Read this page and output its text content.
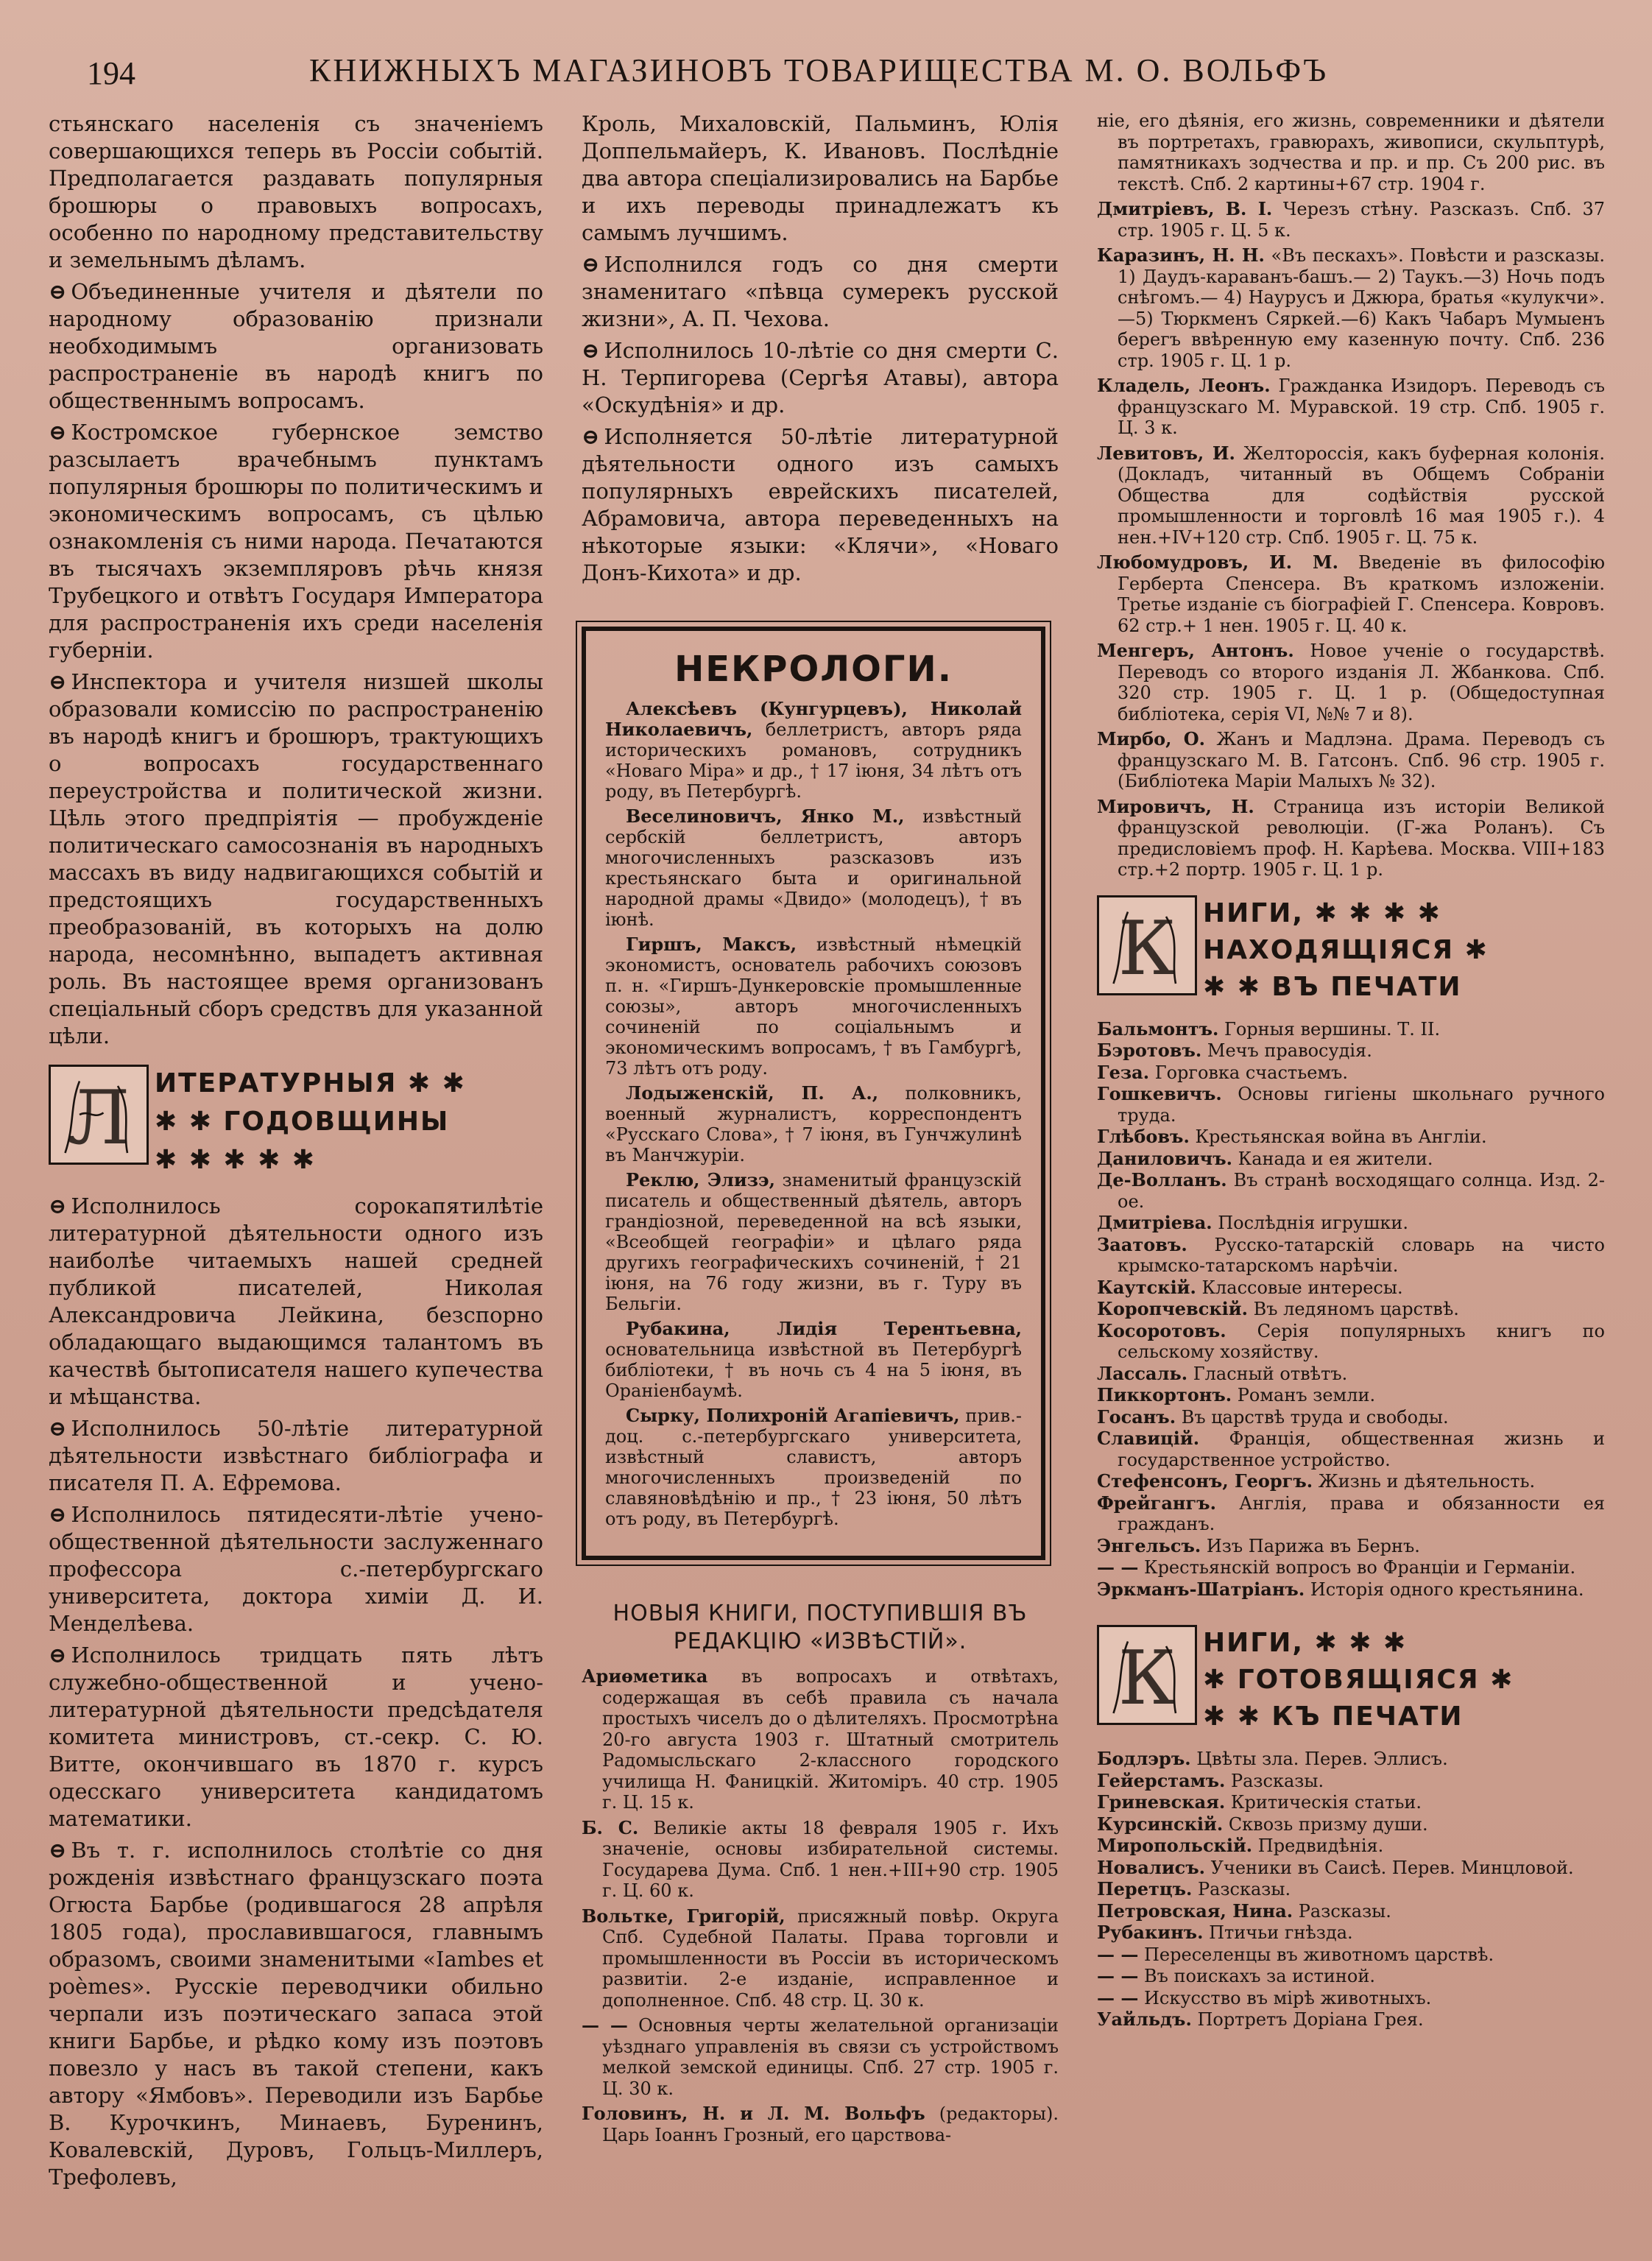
194	КНИЖНЫХЪ МАГАЗИНОВЪ ТОВАРИЩЕСТВА М. О. ВОЛЬФЪ

стьянскаго населенія съ значеніемъ совершающихся теперь въ Россіи событій. Предполагается раздавать популярныя брошюры о правовыхъ вопросахъ, особенно по народному представительству и земельнымъ дѣламъ.

⊖ Объединенные учителя и дѣятели по народному образованію признали необходимымъ организовать распространеніе въ народѣ книгъ по общественнымъ вопросамъ.

⊖ Костромское губернское земство разсылаетъ врачебнымъ пунктамъ популярныя брошюры по политическимъ и экономическимъ вопросамъ, съ цѣлью ознакомленія съ ними народа. Печатаются въ тысячахъ экземпляровъ рѣчь князя Трубецкого и отвѣтъ Государя Императора для распространенія ихъ среди населенія губерніи.

⊖ Инспектора и учителя низшей школы образовали комиссію по распространенію въ народѣ книгъ и брошюръ, трактующихъ о вопросахъ государственнаго переустройства и политической жизни. Цѣль этого предпріятія — пробужденіе политическаго самосознанія въ народныхъ массахъ въ виду надвигающихся событій и предстоящихъ государственныхъ преобразованій, въ которыхъ на долю народа, несомнѣнно, выпадетъ активная роль. Въ настоящее время организованъ спеціальный сборъ средствъ для указанной цѣли.

Л ИТЕРАТУРНЫЯ ✱ ✱
✱ ✱ ГОДОВЩИНЫ
✱ ✱ ✱ ✱ ✱

⊖ Исполнилось сорокапятилѣтіе литературной дѣятельности одного изъ наиболѣе читаемыхъ нашей средней публикой писателей, Николая Александровича Лейкина, безспорно обладающаго выдающимся талантомъ въ качествѣ бытописателя нашего купечества и мѣщанства.

⊖ Исполнилось 50-лѣтіе литературной дѣятельности извѣстнаго библіографа и писателя П. А. Ефремова.

⊖ Исполнилось пятидесяти-лѣтіе учено-общественной дѣятельности заслуженнаго профессора с.-петербургскаго университета, доктора химіи Д. И. Менделѣева.

⊖ Исполнилось тридцать пять лѣтъ служебно-общественной и учено-литературной дѣятельности предсѣдателя комитета министровъ, ст.-секр. С. Ю. Витте, окончившаго въ 1870 г. курсъ одесскаго университета кандидатомъ математики.

⊖ Въ т. г. исполнилось столѣтіе со дня рожденія извѣстнаго французскаго поэта Огюста Барбье (родившагося 28 апрѣля 1805 года), прославившагося, главнымъ образомъ, своими знаменитыми «Iambes et poèmes». Русскіе переводчики обильно черпали изъ поэтическаго запаса этой книги Барбье, и рѣдко кому изъ поэтовъ повезло у насъ въ такой степени, какъ автору «Ямбовъ». Переводили изъ Барбье В. Курочкинъ, Минаевъ, Буренинъ, Ковалевскій, Дуровъ, Гольцъ-Миллеръ, Трефолевъ,

Кроль, Михаловскій, Пальминъ, Юлія Доппельмайеръ, К. Ивановъ. Послѣдніе два автора спеціализировались на Барбье и ихъ переводы принадлежатъ къ самымъ лучшимъ.

⊖ Исполнился годъ со дня смерти знаменитаго «пѣвца сумерекъ русской жизни», А. П. Чехова.

⊖ Исполнилось 10-лѣтіе со дня смерти С. Н. Терпигорева (Сергѣя Атавы), автора «Оскудѣнія» и др.

⊖ Исполняется 50-лѣтіе литературной дѣятельности одного изъ самыхъ популярныхъ еврейскихъ писателей, Абрамовича, автора переведенныхъ на нѣкоторые языки: «Клячи», «Новаго Донъ-Кихота» и др.

НЕКРОЛОГИ.

Алексѣевъ (Кунгурцевъ), Николай Николаевичъ, беллетристъ, авторъ ряда историческихъ романовъ, сотрудникъ «Новаго Міра» и др., † 17 іюня, 34 лѣтъ отъ роду, въ Петербургѣ.

Веселиновичъ, Янко М., извѣстный сербскій беллетристъ, авторъ многочисленныхъ разсказовъ изъ крестьянскаго быта и оригинальной народной драмы «Двидо» (молодецъ), † въ іюнѣ.

Гиршъ, Максъ, извѣстный нѣмецкій экономистъ, основатель рабочихъ союзовъ п. н. «Гиршъ-Дункеровскіе промышленные союзы», авторъ многочисленныхъ сочиненій по соціальнымъ и экономическимъ вопросамъ, † въ Гамбургѣ, 73 лѣтъ отъ роду.

Лодыженскій, П. А., полковникъ, военный журналистъ, корреспондентъ «Русскаго Слова», † 7 іюня, въ Гунчжулинѣ въ Манчжуріи.

Реклю, Элизэ, знаменитый французскій писатель и общественный дѣятель, авторъ грандіозной, переведенной на всѣ языки, «Всеобщей географіи» и цѣлаго ряда другихъ географическихъ сочиненій, † 21 іюня, на 76 году жизни, въ г. Туру въ Бельгіи.

Рубакина, Лидія Терентьевна, основательница извѣстной въ Петербургѣ библіотеки, † въ ночь съ 4 на 5 іюня, въ Ораніенбаумѣ.

Сырку, Полихроній Агапіевичъ, прив.-доц. с.-петербургскаго университета, извѣстный славистъ, авторъ многочисленныхъ произведеній по славяновѣдѣнію и пр., † 23 іюня, 50 лѣтъ отъ роду, въ Петербургѣ.

НОВЫЯ КНИГИ, ПОСТУПИВШІЯ ВЪ РЕДАКЦІЮ «ИЗВѢСТІЙ».

Ариѳметика въ вопросахъ и отвѣтахъ, содержащая въ себѣ правила съ начала простыхъ чиселъ до о дѣлителяхъ. Просмотрѣна 20-го августа 1903 г. Штатный смотритель Радомысльскаго 2-классного городского училища Н. Фаницкій. Житоміръ. 40 стр. 1905 г. Ц. 15 к.

Б. С. Великіе акты 18 февраля 1905 г. Ихъ значеніе, основы избирательной системы. Государева Дума. Спб. 1 нен.+III+90 стр. 1905 г. Ц. 60 к.

Вольтке, Григорій, присяжный повѣр. Округа Спб. Судебной Палаты. Права торговли и промышленности въ Россіи въ историческомъ развитіи. 2-е изданіе, исправленное и дополненное. Спб. 48 стр. Ц. 30 к.

— — Основныя черты желательной организаціи уѣзднаго управленія въ связи съ устройствомъ мелкой земской единицы. Спб. 27 стр. 1905 г. Ц. 30 к.

Головинъ, Н. и Л. М. Вольфъ (редакторы). Царь Іоаннъ Грозный, его царствова-

ніе, его дѣянія, его жизнь, современники и дѣятели въ портретахъ, гравюрахъ, живописи, скульптурѣ, памятникахъ зодчества и пр. и пр. Съ 200 рис. въ текстѣ. Спб. 2 картины+67 стр. 1904 г.

Дмитріевъ, В. І. Черезъ стѣну. Разсказъ. Спб. 37 стр. 1905 г. Ц. 5 к.

Каразинъ, Н. Н. «Въ пескахъ». Повѣсти и разсказы. 1) Даудъ-караванъ-башъ.— 2) Таукъ.—3) Ночь подъ снѣгомъ.— 4) Наурусъ и Джюра, братья «кулукчи».—5) Тюркменъ Сяркей.—6) Какъ Чабаръ Мумыенъ берегъ ввѣренную ему казенную почту. Спб. 236 стр. 1905 г. Ц. 1 р.

Кладель, Леонъ. Гражданка Изидоръ. Переводъ съ французскаго М. Муравской. 19 стр. Спб. 1905 г. Ц. 3 к.

Левитовъ, И. Желтороссія, какъ буферная колонія. (Докладъ, читанный въ Общемъ Собраніи Общества для содѣйствія русской промышленности и торговлѣ 16 мая 1905 г.). 4 нен.+IV+120 стр. Спб. 1905 г. Ц. 75 к.

Любомудровъ, И. М. Введеніе въ философію Герберта Спенсера. Въ краткомъ изложеніи. Третье изданіе съ біографіей Г. Спенсера. Ковровъ. 62 стр.+ 1 нен. 1905 г. Ц. 40 к.

Менгеръ, Антонъ. Новое ученіе о государствѣ. Переводъ со второго изданія Л. Жбанкова. Спб. 320 стр. 1905 г. Ц. 1 р. (Общедоступная библіотека, серія VI, №№ 7 и 8).

Мирбо, О. Жанъ и Мадлэна. Драма. Переводъ съ французскаго М. В. Гатсонъ. Спб. 96 стр. 1905 г. (Библіотека Маріи Малыхъ № 32).

Мировичъ, Н. Страница изъ исторіи Великой французской революціи. (Г-жа Роланъ). Съ предисловіемъ проф. Н. Карѣева. Москва. VIII+183 стр.+2 портр. 1905 г. Ц. 1 р.

К НИГИ, ✱ ✱ ✱ ✱
НАХОДЯЩІЯСЯ ✱
✱ ✱ ВЪ ПЕЧАТИ

Бальмонтъ. Горныя вершины. Т. II.

Бэротовъ. Мечъ правосудія.

Геза. Горговка счастьемъ.

Гошкевичъ. Основы гигіены школьнаго ручного труда.

Глѣбовъ. Крестьянская война въ Англіи.

Даниловичъ. Канада и ея жители.

Де-Волланъ. Въ странѣ восходящаго солнца. Изд. 2-ое.

Дмитріева. Послѣднія игрушки.

Заатовъ. Русско-татарскій словарь на чисто крымско-татарскомъ нарѣчіи.

Каутскій. Классовые интересы.

Коропчевскій. Въ ледяномъ царствѣ.

Косоротовъ. Серія популярныхъ книгъ по сельскому хозяйству.

Лассаль. Гласный отвѣтъ.

Пиккортонъ. Романъ земли.

Госанъ. Въ царствѣ труда и свободы.

Славицій. Франція, общественная жизнь и государственное устройство.

Стефенсонъ, Георгъ. Жизнь и дѣятельность.

Фрейгангъ. Англія, права и обязанности ея гражданъ.

Энгельсъ. Изъ Парижа въ Бернъ.

— — Крестьянскій вопросъ во Франціи и Германіи.

Эркманъ-Шатріанъ. Исторія одного крестьянина.

К НИГИ, ✱ ✱ ✱
✱ ГОТОВЯЩІЯСЯ ✱
✱ ✱ КЪ ПЕЧАТИ

Бодлэръ. Цвѣты зла. Перев. Эллисъ.

Гейерстамъ. Разсказы.

Гриневская. Критическія статьи.

Курсинскій. Сквозь призму души.

Миропольскій. Предвидѣнія.

Новалисъ. Ученики въ Саисѣ. Перев. Минцловой.

Перетцъ. Разсказы.

Петровская, Нина. Разсказы.

Рубакинъ. Птичьи гнѣзда.

— — Переселенцы въ животномъ царствѣ.

— — Въ поискахъ за истиной.

— — Искусство въ мірѣ животныхъ.

Уайльдъ. Портретъ Доріана Грея.
